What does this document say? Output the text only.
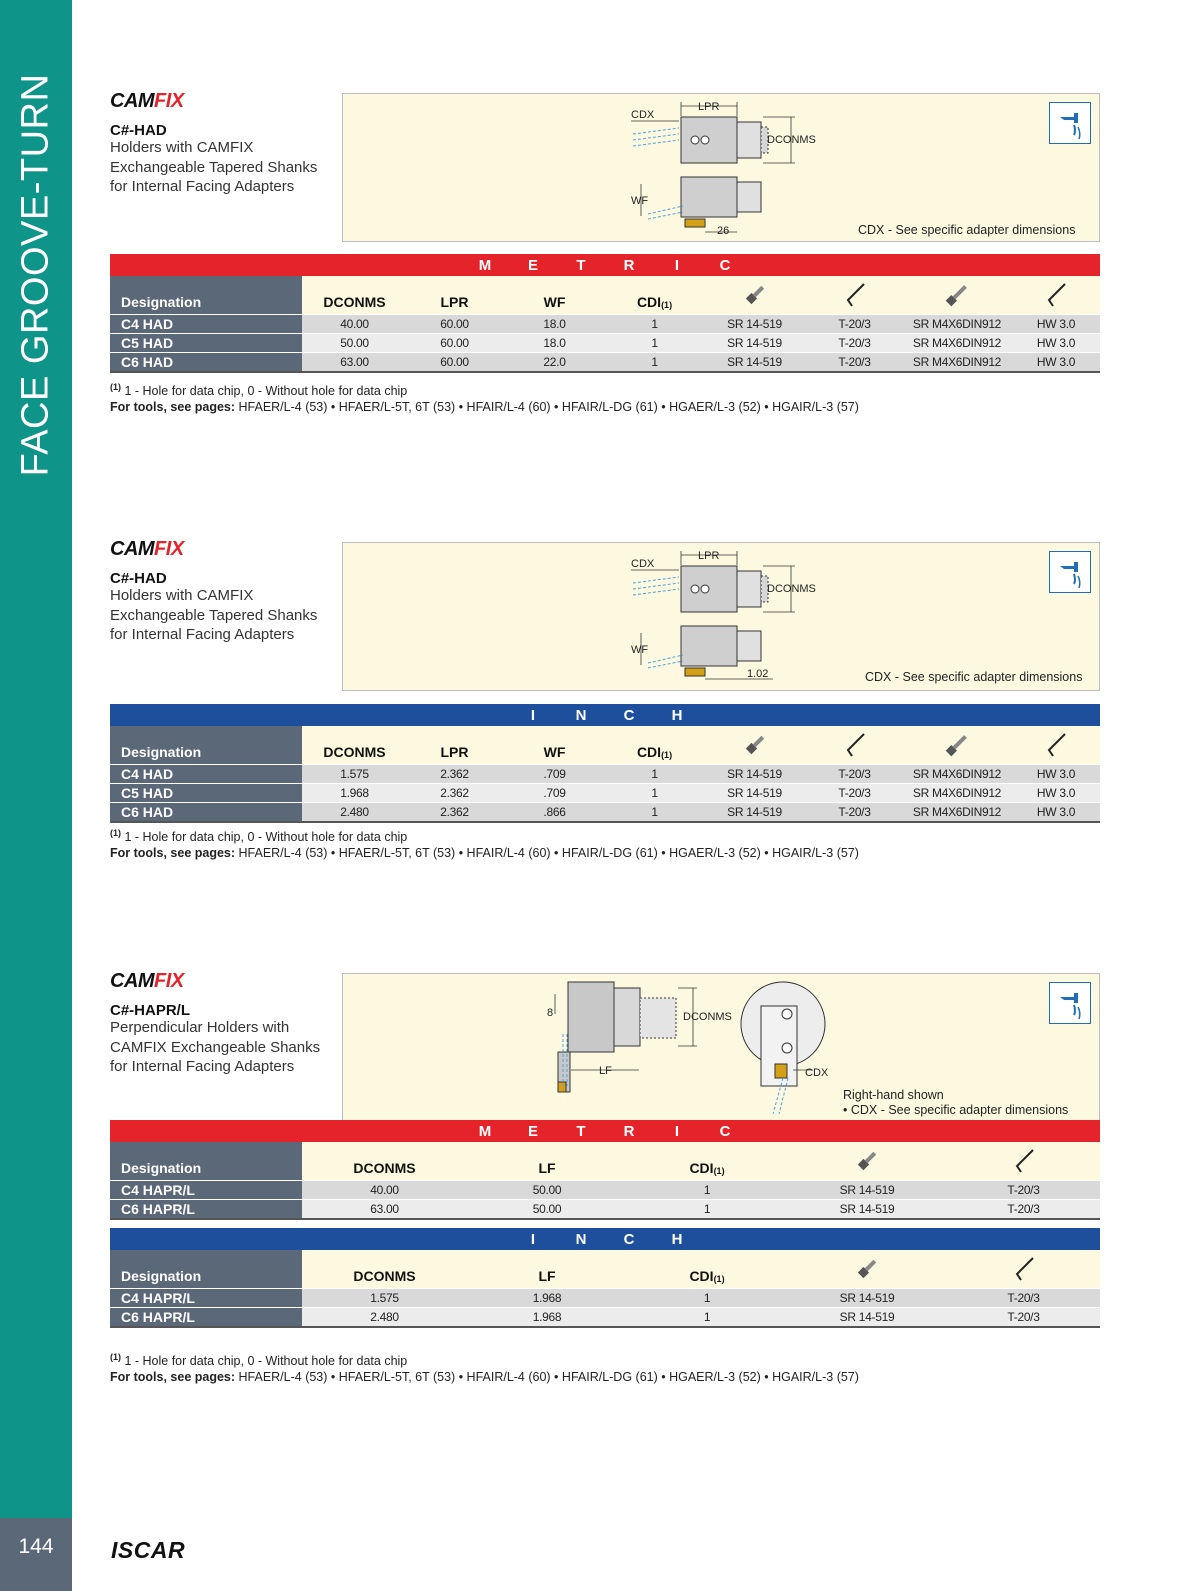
FACE GROOVE-TURN
144	ISCAR
CAMFIX
C#-HAD
Holders with CAMFIX
Exchangeable Tapered Shanks
for Internal Facing Adapters
CDX
LPR
DCONMS
WF
26	CDX - See specific adapter dimensions
M	E	T	R	I	C
Designation	DCONMS	LPR	WF	$CDI_{(1)}$
C4 HAD	40.00	60.00	18.0	1	SR 14-519	T-20/3	SR M4X6DIN912	HW 3.0
C5 HAD	50.00	60.00	18.0	1	SR 14-519	T-20/3	SR M4X6DIN912	HW 3.0
C6 HAD	63.00	60.00	22.0	1	SR 14-519	T-20/3	SR M4X6DIN912	HW 3.0
$^{(1)}$ 1 - Hole for data chip, 0 - Without hole for data chip
For tools, see pages: HFAER/L-4 (53) • HFAER/L-5T, 6T (53) • HFAIR/L-4 (60) • HFAIR/L-DG (61) • HGAER/L-3 (52) • HGAIR/L-3 (57)
CAMFIX
C#-HAD
Holders with CAMFIX
Exchangeable Tapered Shanks
for Internal Facing Adapters
CDX
LPR
DCONMS
WF
1.02	CDX - See specific adapter dimensions
I	N	C	H
Designation	DCONMS	LPR	WF	$CDI_{(1)}$
C4 HAD	1.575	2.362	.709	1	SR 14-519	T-20/3	SR M4X6DIN912	HW 3.0
C5 HAD	1.968	2.362	.709	1	SR 14-519	T-20/3	SR M4X6DIN912	HW 3.0
C6 HAD	2.480	2.362	.866	1	SR 14-519	T-20/3	SR M4X6DIN912	HW 3.0
$^{(1)}$ 1 - Hole for data chip, 0 - Without hole for data chip
For tools, see pages: HFAER/L-4 (53) • HFAER/L-5T, 6T (53) • HFAIR/L-4 (60) • HFAIR/L-DG (61) • HGAER/L-3 (52) • HGAIR/L-3 (57)
CAMFIX
C#-HAPR/L
Perpendicular Holders with
CAMFIX Exchangeable Shanks
for Internal Facing Adapters
8	DCONMS
LF	CDX
Right-hand shown
• CDX - See specific adapter dimensions
M	E	T	R	I	C
Designation	DCONMS	LF	$CDI_{(1)}$
C4 HAPR/L	40.00	50.00	1	SR 14-519	T-20/3
C6 HAPR/L	63.00	50.00	1	SR 14-519	T-20/3
I	N	C	H
Designation	DCONMS	LF	$CDI_{(1)}$
C4 HAPR/L	1.575	1.968	1	SR 14-519	T-20/3
C6 HAPR/L	2.480	1.968	1	SR 14-519	T-20/3
$^{(1)}$ 1 - Hole for data chip, 0 - Without hole for data chip
For tools, see pages: HFAER/L-4 (53) • HFAER/L-5T, 6T (53) • HFAIR/L-4 (60) • HFAIR/L-DG (61) • HGAER/L-3 (52) • HGAIR/L-3 (57)
